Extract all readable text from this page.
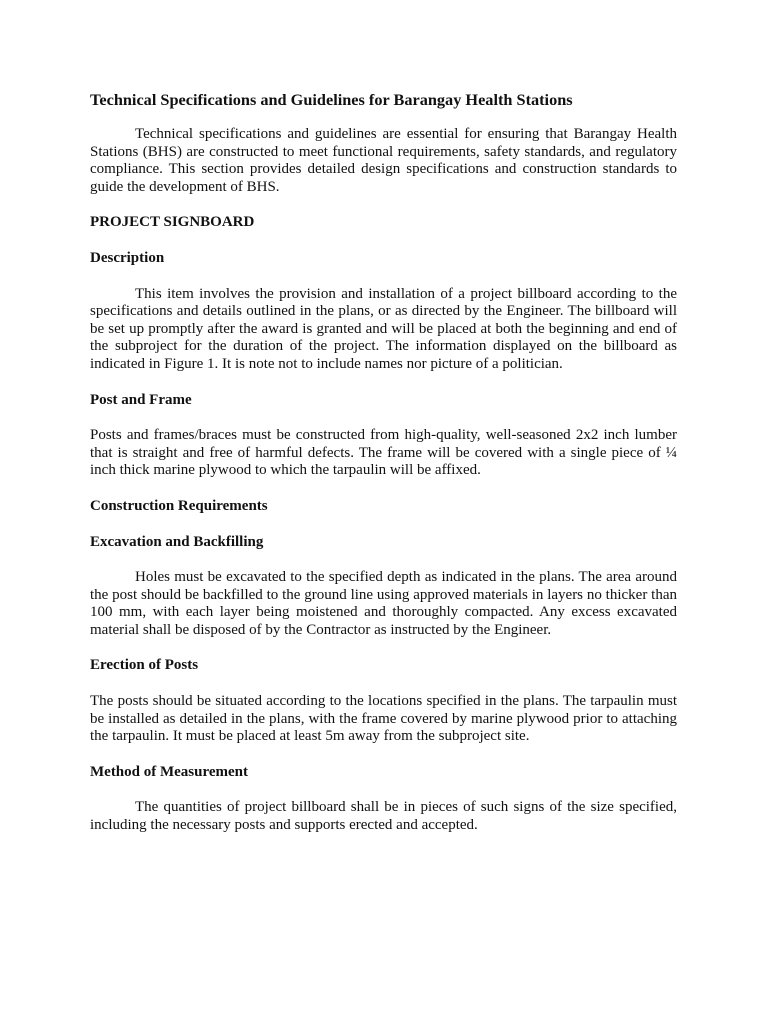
Technical Specifications and Guidelines for Barangay Health Stations

Technical specifications and guidelines are essential for ensuring that Barangay Health Stations (BHS) are constructed to meet functional requirements, safety standards, and regulatory compliance. This section provides detailed design specifications and construction standards to guide the development of BHS.

PROJECT SIGNBOARD
Description

This item involves the provision and installation of a project billboard according to the specifications and details outlined in the plans, or as directed by the Engineer. The billboard will be set up promptly after the award is granted and will be placed at both the beginning and end of the subproject for the duration of the project. The information displayed on the billboard as indicated in Figure 1. It is note not to include names nor picture of a politician.

Post and Frame

Posts and frames/braces must be constructed from high-quality, well-seasoned 2x2 inch lumber that is straight and free of harmful defects. The frame will be covered with a single piece of ¼ inch thick marine plywood to which the tarpaulin will be affixed.

Construction Requirements
Excavation and Backfilling

Holes must be excavated to the specified depth as indicated in the plans. The area around the post should be backfilled to the ground line using approved materials in layers no thicker than 100 mm, with each layer being moistened and thoroughly compacted. Any excess excavated material shall be disposed of by the Contractor as instructed by the Engineer.

Erection of Posts

The posts should be situated according to the locations specified in the plans. The tarpaulin must be installed as detailed in the plans, with the frame covered by marine plywood prior to attaching the tarpaulin. It must be placed at least 5m away from the subproject site.

Method of Measurement

The quantities of project billboard shall be in pieces of such signs of the size specified, including the necessary posts and supports erected and accepted.
